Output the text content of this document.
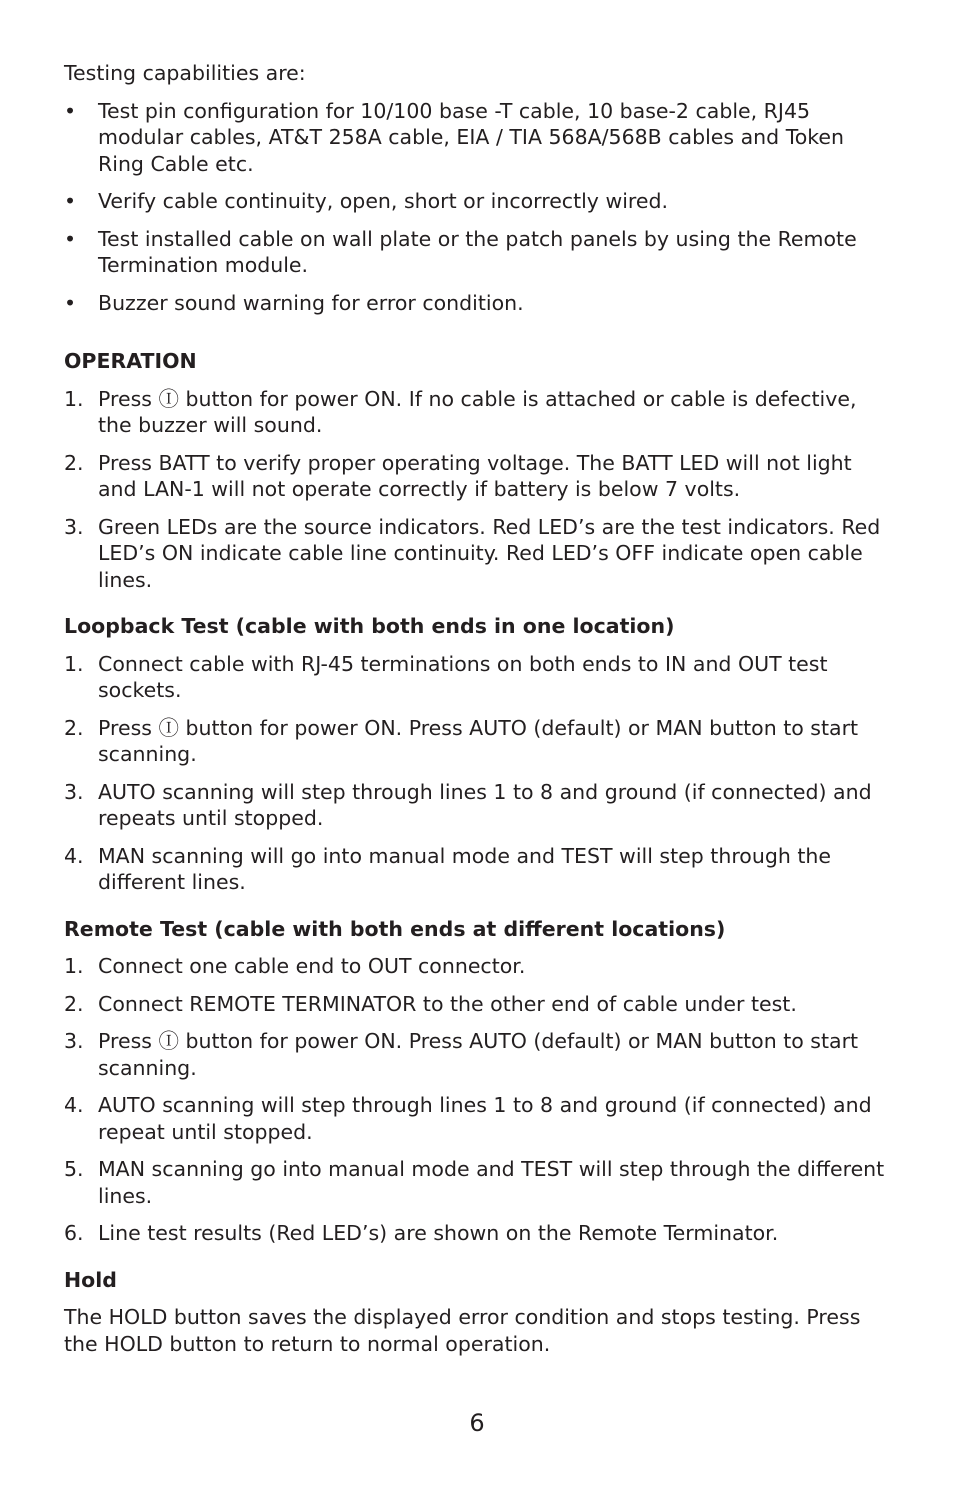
Testing capabilities are:

•	Test pin configuration for 10/100 base -T cable, 10 base-2 cable, RJ45 modular cables, AT&T 258A cable, EIA / TIA 568A/568B cables and Token Ring Cable etc.
•	Verify cable continuity, open, short or incorrectly wired.
•	Test installed cable on wall plate or the patch panels by using the Remote Termination module.
•	Buzzer sound warning for error condition.
OPERATION
1. Press Ⓘ button for power ON. If no cable is attached or cable is defective, the buzzer will sound.
2. Press BATT to verify proper operating voltage. The BATT LED will not light and LAN-1 will not operate correctly if battery is below 7 volts.
3. Green LEDs are the source indicators. Red LED’s are the test indicators. Red LED’s ON indicate cable line continuity. Red LED’s OFF indicate open cable lines.
Loopback Test (cable with both ends in one location)
1. Connect cable with RJ-45 terminations on both ends to IN and OUT test sockets.
2. Press Ⓘ button for power ON. Press AUTO (default) or MAN button to start scanning.
3. AUTO scanning will step through lines 1 to 8 and ground (if connected) and repeats until stopped.
4. MAN scanning will go into manual mode and TEST will step through the different lines.
Remote Test (cable with both ends at different locations)
1. Connect one cable end to OUT connector.
2. Connect REMOTE TERMINATOR to the other end of cable under test.
3. Press Ⓘ button for power ON. Press AUTO (default) or MAN button to start scanning.
4. AUTO scanning will step through lines 1 to 8 and ground (if connected) and repeat until stopped.
5. MAN scanning go into manual mode and TEST will step through the different lines.
6. Line test results (Red LED’s) are shown on the Remote Terminator.
Hold

The HOLD button saves the displayed error condition and stops testing. Press the HOLD button to return to normal operation.

6
